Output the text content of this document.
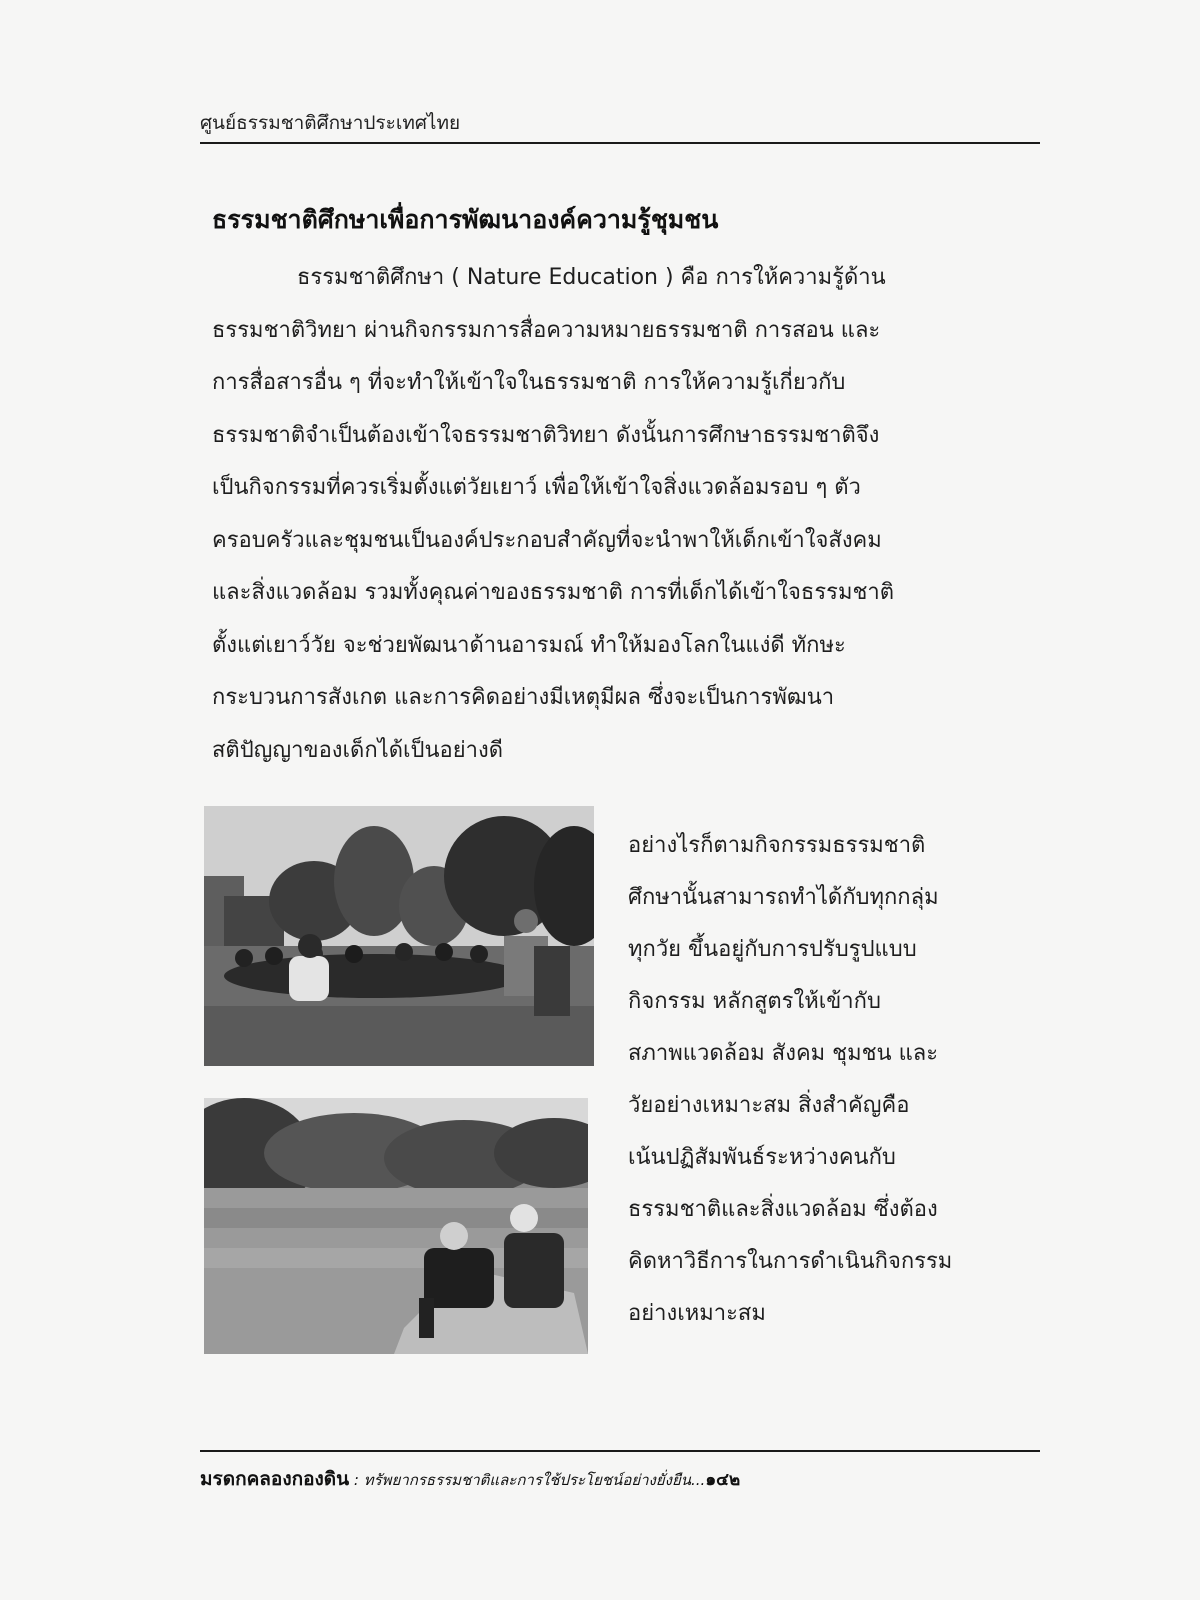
ศูนย์ธรรมชาติศึกษาประเทศไทย
ธรรมชาติศึกษาเพื่อการพัฒนาองค์ความรู้ชุมชน

ธรรมชาติศึกษา ( Nature Education ) คือ การให้ความรู้ด้าน
ธรรมชาติวิทยา ผ่านกิจกรรมการสื่อความหมายธรรมชาติ การสอน และ
การสื่อสารอื่น ๆ ที่จะทำให้เข้าใจในธรรมชาติ การให้ความรู้เกี่ยวกับ
ธรรมชาติจำเป็นต้องเข้าใจธรรมชาติวิทยา ดังนั้นการศึกษาธรรมชาติจึง
เป็นกิจกรรมที่ควรเริ่มตั้งแต่วัยเยาว์ เพื่อให้เข้าใจสิ่งแวดล้อมรอบ ๆ ตัว
ครอบครัวและชุมชนเป็นองค์ประกอบสำคัญที่จะนำพาให้เด็กเข้าใจสังคม
และสิ่งแวดล้อม รวมทั้งคุณค่าของธรรมชาติ การที่เด็กได้เข้าใจธรรมชาติ
ตั้งแต่เยาว์วัย จะช่วยพัฒนาด้านอารมณ์ ทำให้มองโลกในแง่ดี ทักษะ
กระบวนการสังเกต และการคิดอย่างมีเหตุมีผล ซึ่งจะเป็นการพัฒนา
สติปัญญาของเด็กได้เป็นอย่างดี

อย่างไรก็ตามกิจกรรมธรรมชาติ
ศึกษานั้นสามารถทำได้กับทุกกลุ่ม
ทุกวัย ขึ้นอยู่กับการปรับรูปแบบ
กิจกรรม หลักสูตรให้เข้ากับ
สภาพแวดล้อม สังคม ชุมชน และ
วัยอย่างเหมาะสม สิ่งสำคัญคือ
เน้นปฏิสัมพันธ์ระหว่างคนกับ
ธรรมชาติและสิ่งแวดล้อม ซึ่งต้อง
คิดหาวิธีการในการดำเนินกิจกรรม
อย่างเหมาะสม

มรดกคลองกองดิน : ทรัพยากรธรรมชาติและการใช้ประโยชน์อย่างยั่งยืน...๑๔๒
